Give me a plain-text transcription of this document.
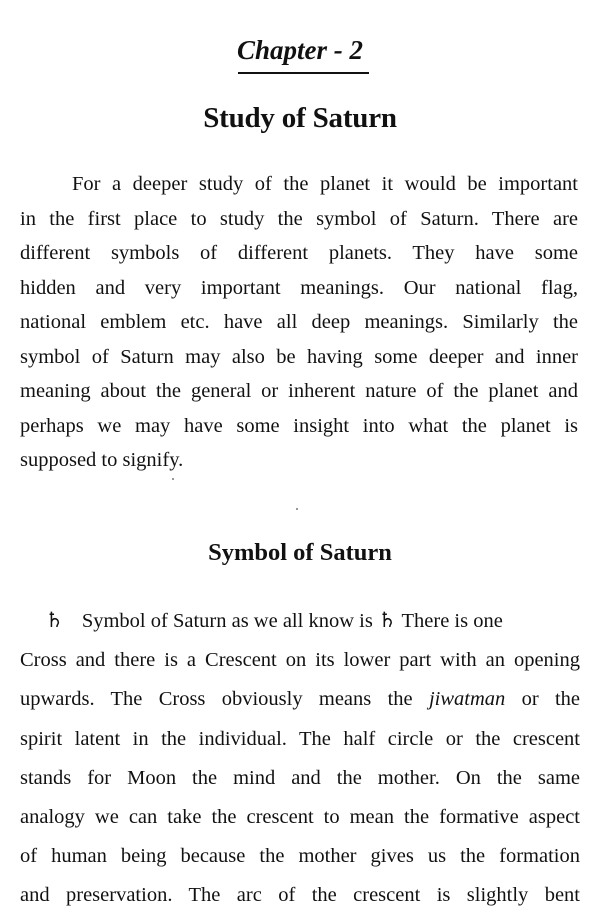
Chapter - 2
Study of Saturn
For a deeper study of the planet it would be important
in the first place to study the symbol of Saturn. There are
different symbols of different planets. They have some
hidden and very important meanings. Our national flag,
national emblem etc. have all deep meanings. Similarly the
symbol of Saturn may also be having some deeper and inner
meaning about the general or inherent nature of the planet and
perhaps we may have some insight into what the planet is
supposed to signify.
Symbol of Saturn
♄ Symbol of Saturn as we all know is ♄ There is one
Cross and there is a Crescent on its lower part with an opening
upwards. The Cross obviously means the jiwatman or the
spirit latent in the individual. The half circle or the crescent
stands for Moon the mind and the mother. On the same
analogy we can take the crescent to mean the formative aspect
of human being because the mother gives us the formation
and preservation. The arc of the crescent is slightly bent
